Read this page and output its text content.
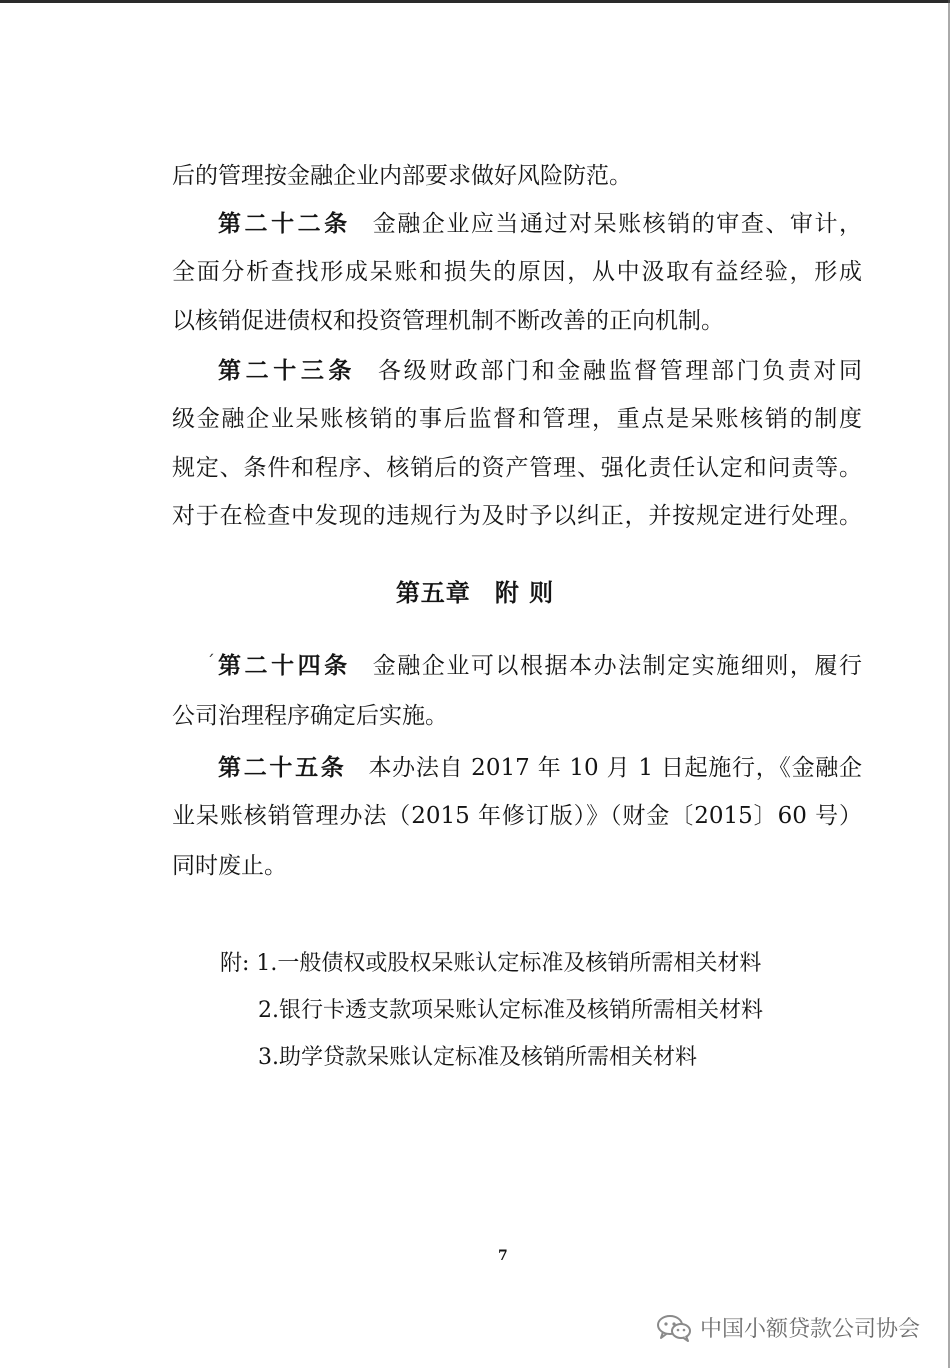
后的管理按金融企业内部要求做好风险防范。
第二十二条 金融企业应当通过对呆账核销的审查、审计，
全面分析查找形成呆账和损失的原因，从中汲取有益经验，形成
以核销促进债权和投资管理机制不断改善的正向机制。
第二十三条 各级财政部门和金融监督管理部门负责对同
级金融企业呆账核销的事后监督和管理，重点是呆账核销的制度
规定、条件和程序、核销后的资产管理、强化责任认定和问责等。
对于在检查中发现的违规行为及时予以纠正，并按规定进行处理。
第五章 附 则
ˊ 第二十四条 金融企业可以根据本办法制定实施细则，履行
公司治理程序确定后实施。
第二十五条 本办法自 2017 年 10 月 1 日起施行，《金融企
业呆账核销管理办法（2015 年修订版）》（财金〔2015〕60 号）
同时废止。
附: 1.一般债权或股权呆账认定标准及核销所需相关材料
2.银行卡透支款项呆账认定标准及核销所需相关材料
3.助学贷款呆账认定标准及核销所需相关材料
7
中国小额贷款公司协会
